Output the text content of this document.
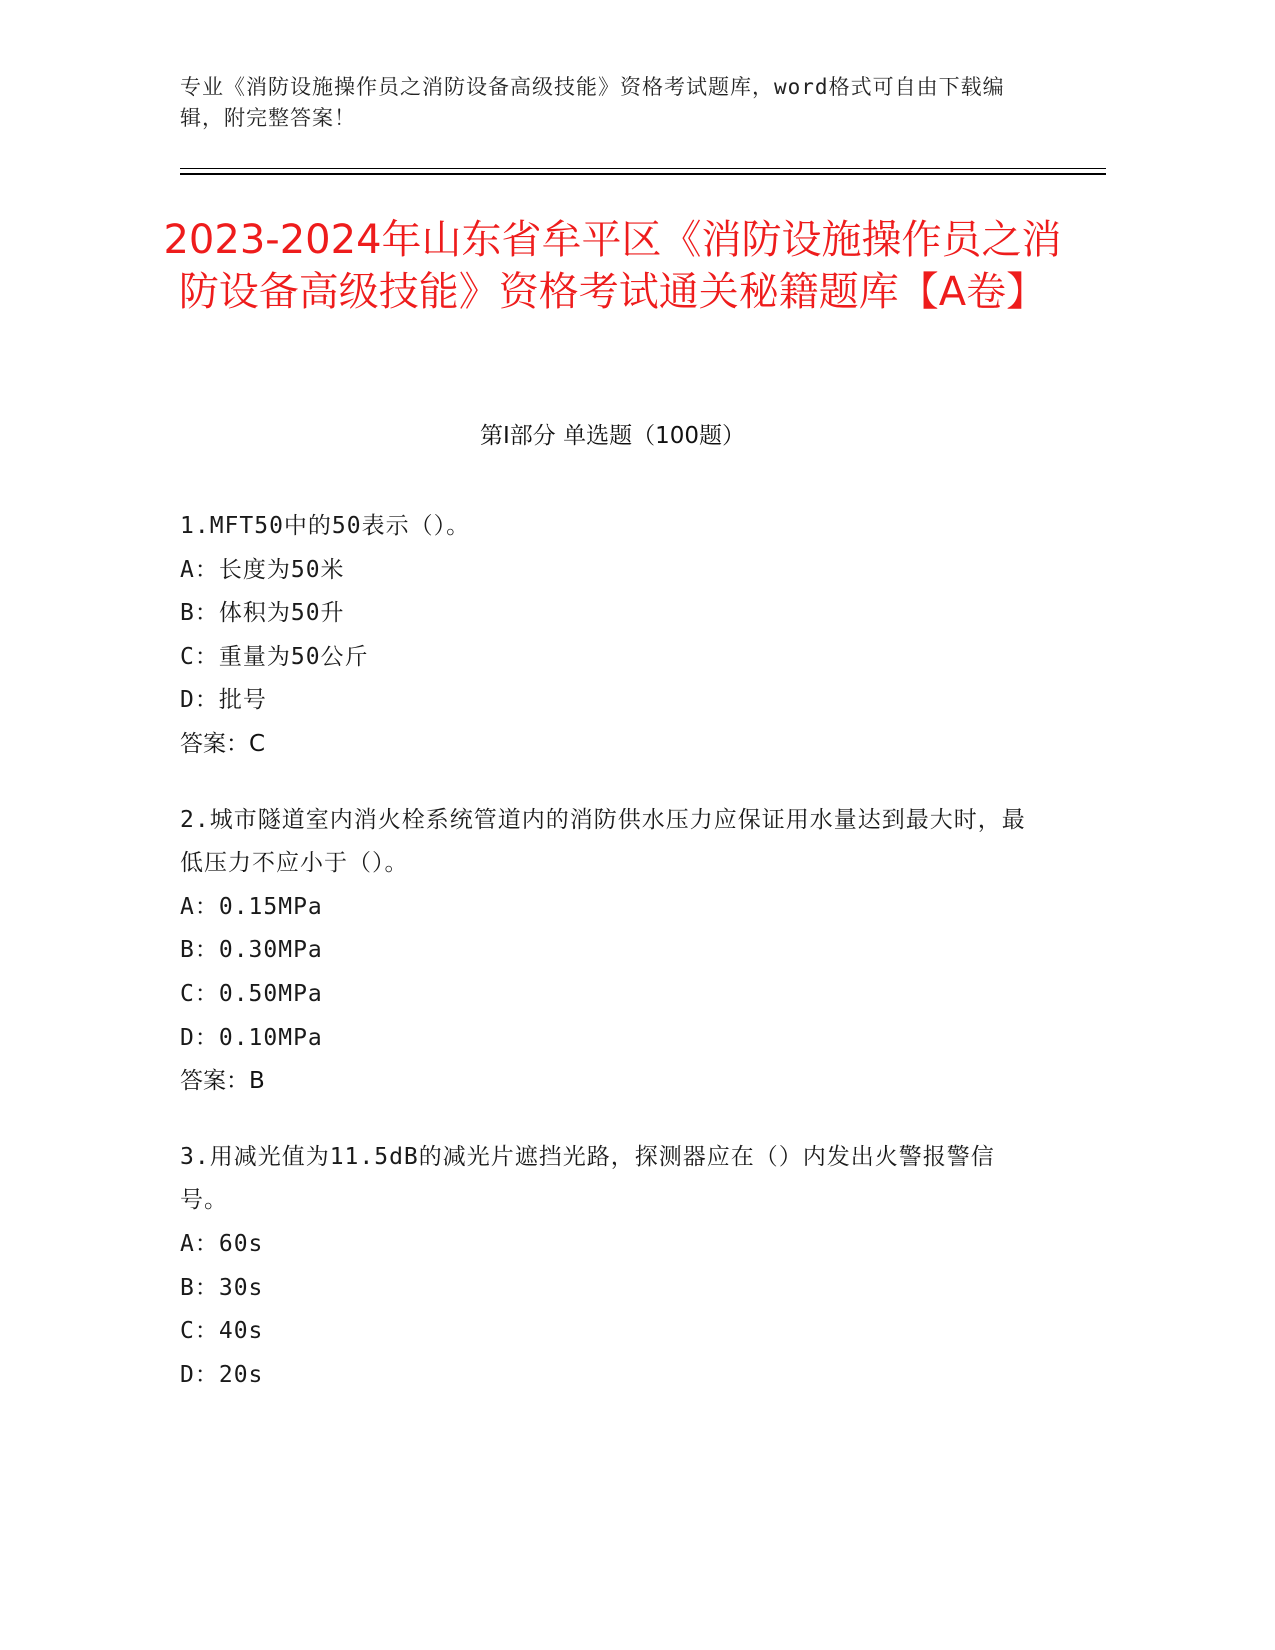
专业《消防设施操作员之消防设备高级技能》资格考试题库，word格式可自由下载编辑，附完整答案！
2023-2024年山东省牟平区《消防设施操作员之消防设备高级技能》资格考试通关秘籍题库【A卷】
第Ⅰ部分 单选题（100题）
1.MFT50中的50表示（）。
A：长度为50米
B：体积为50升
C：重量为50公斤
D：批号
答案：C
2.城市隧道室内消火栓系统管道内的消防供水压力应保证用水量达到最大时，最低压力不应小于（）。
A：0.15MPa
B：0.30MPa
C：0.50MPa
D：0.10MPa
答案：B
3.用减光值为11.5dB的减光片遮挡光路，探测器应在（）内发出火警报警信号。
A：60s
B：30s
C：40s
D：20s
